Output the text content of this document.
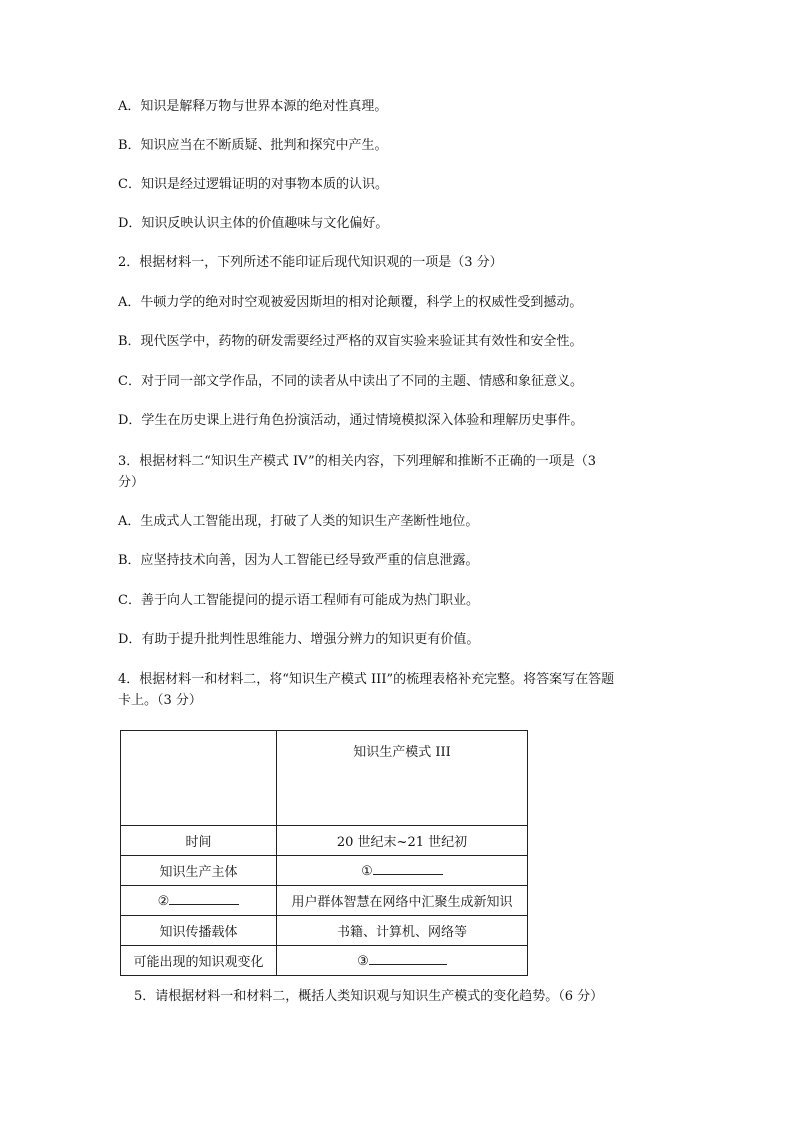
A．知识是解释万物与世界本源的绝对性真理。
B．知识应当在不断质疑、批判和探究中产生。
C．知识是经过逻辑证明的对事物本质的认识。
D．知识反映认识主体的价值趣味与文化偏好。
2．根据材料一，下列所述不能印证后现代知识观的一项是（3 分）
A．牛顿力学的绝对时空观被爱因斯坦的相对论颠覆，科学上的权威性受到撼动。
B．现代医学中，药物的研发需要经过严格的双盲实验来验证其有效性和安全性。
C．对于同一部文学作品，不同的读者从中读出了不同的主题、情感和象征意义。
D．学生在历史课上进行角色扮演活动，通过情境模拟深入体验和理解历史事件。
3．根据材料二“知识生产模式 IV”的相关内容，下列理解和推断不正确的一项是（3
分）
A．生成式人工智能出现，打破了人类的知识生产垄断性地位。
B．应坚持技术向善，因为人工智能已经导致严重的信息泄露。
C．善于向人工智能提问的提示语工程师有可能成为热门职业。
D．有助于提升批判性思维能力、增强分辨力的知识更有价值。
4．根据材料一和材料二，将“知识生产模式 III”的梳理表格补充完整。将答案写在答题
卡上。（3 分）
	知识生产模式 III
时间	20 世纪末~21 世纪初
知识生产主体	①
②	用户群体智慧在网络中汇聚生成新知识
知识传播载体	书籍、计算机、网络等
可能出现的知识观变化	③
5．请根据材料一和材料二，概括人类知识观与知识生产模式的变化趋势。（6 分）
